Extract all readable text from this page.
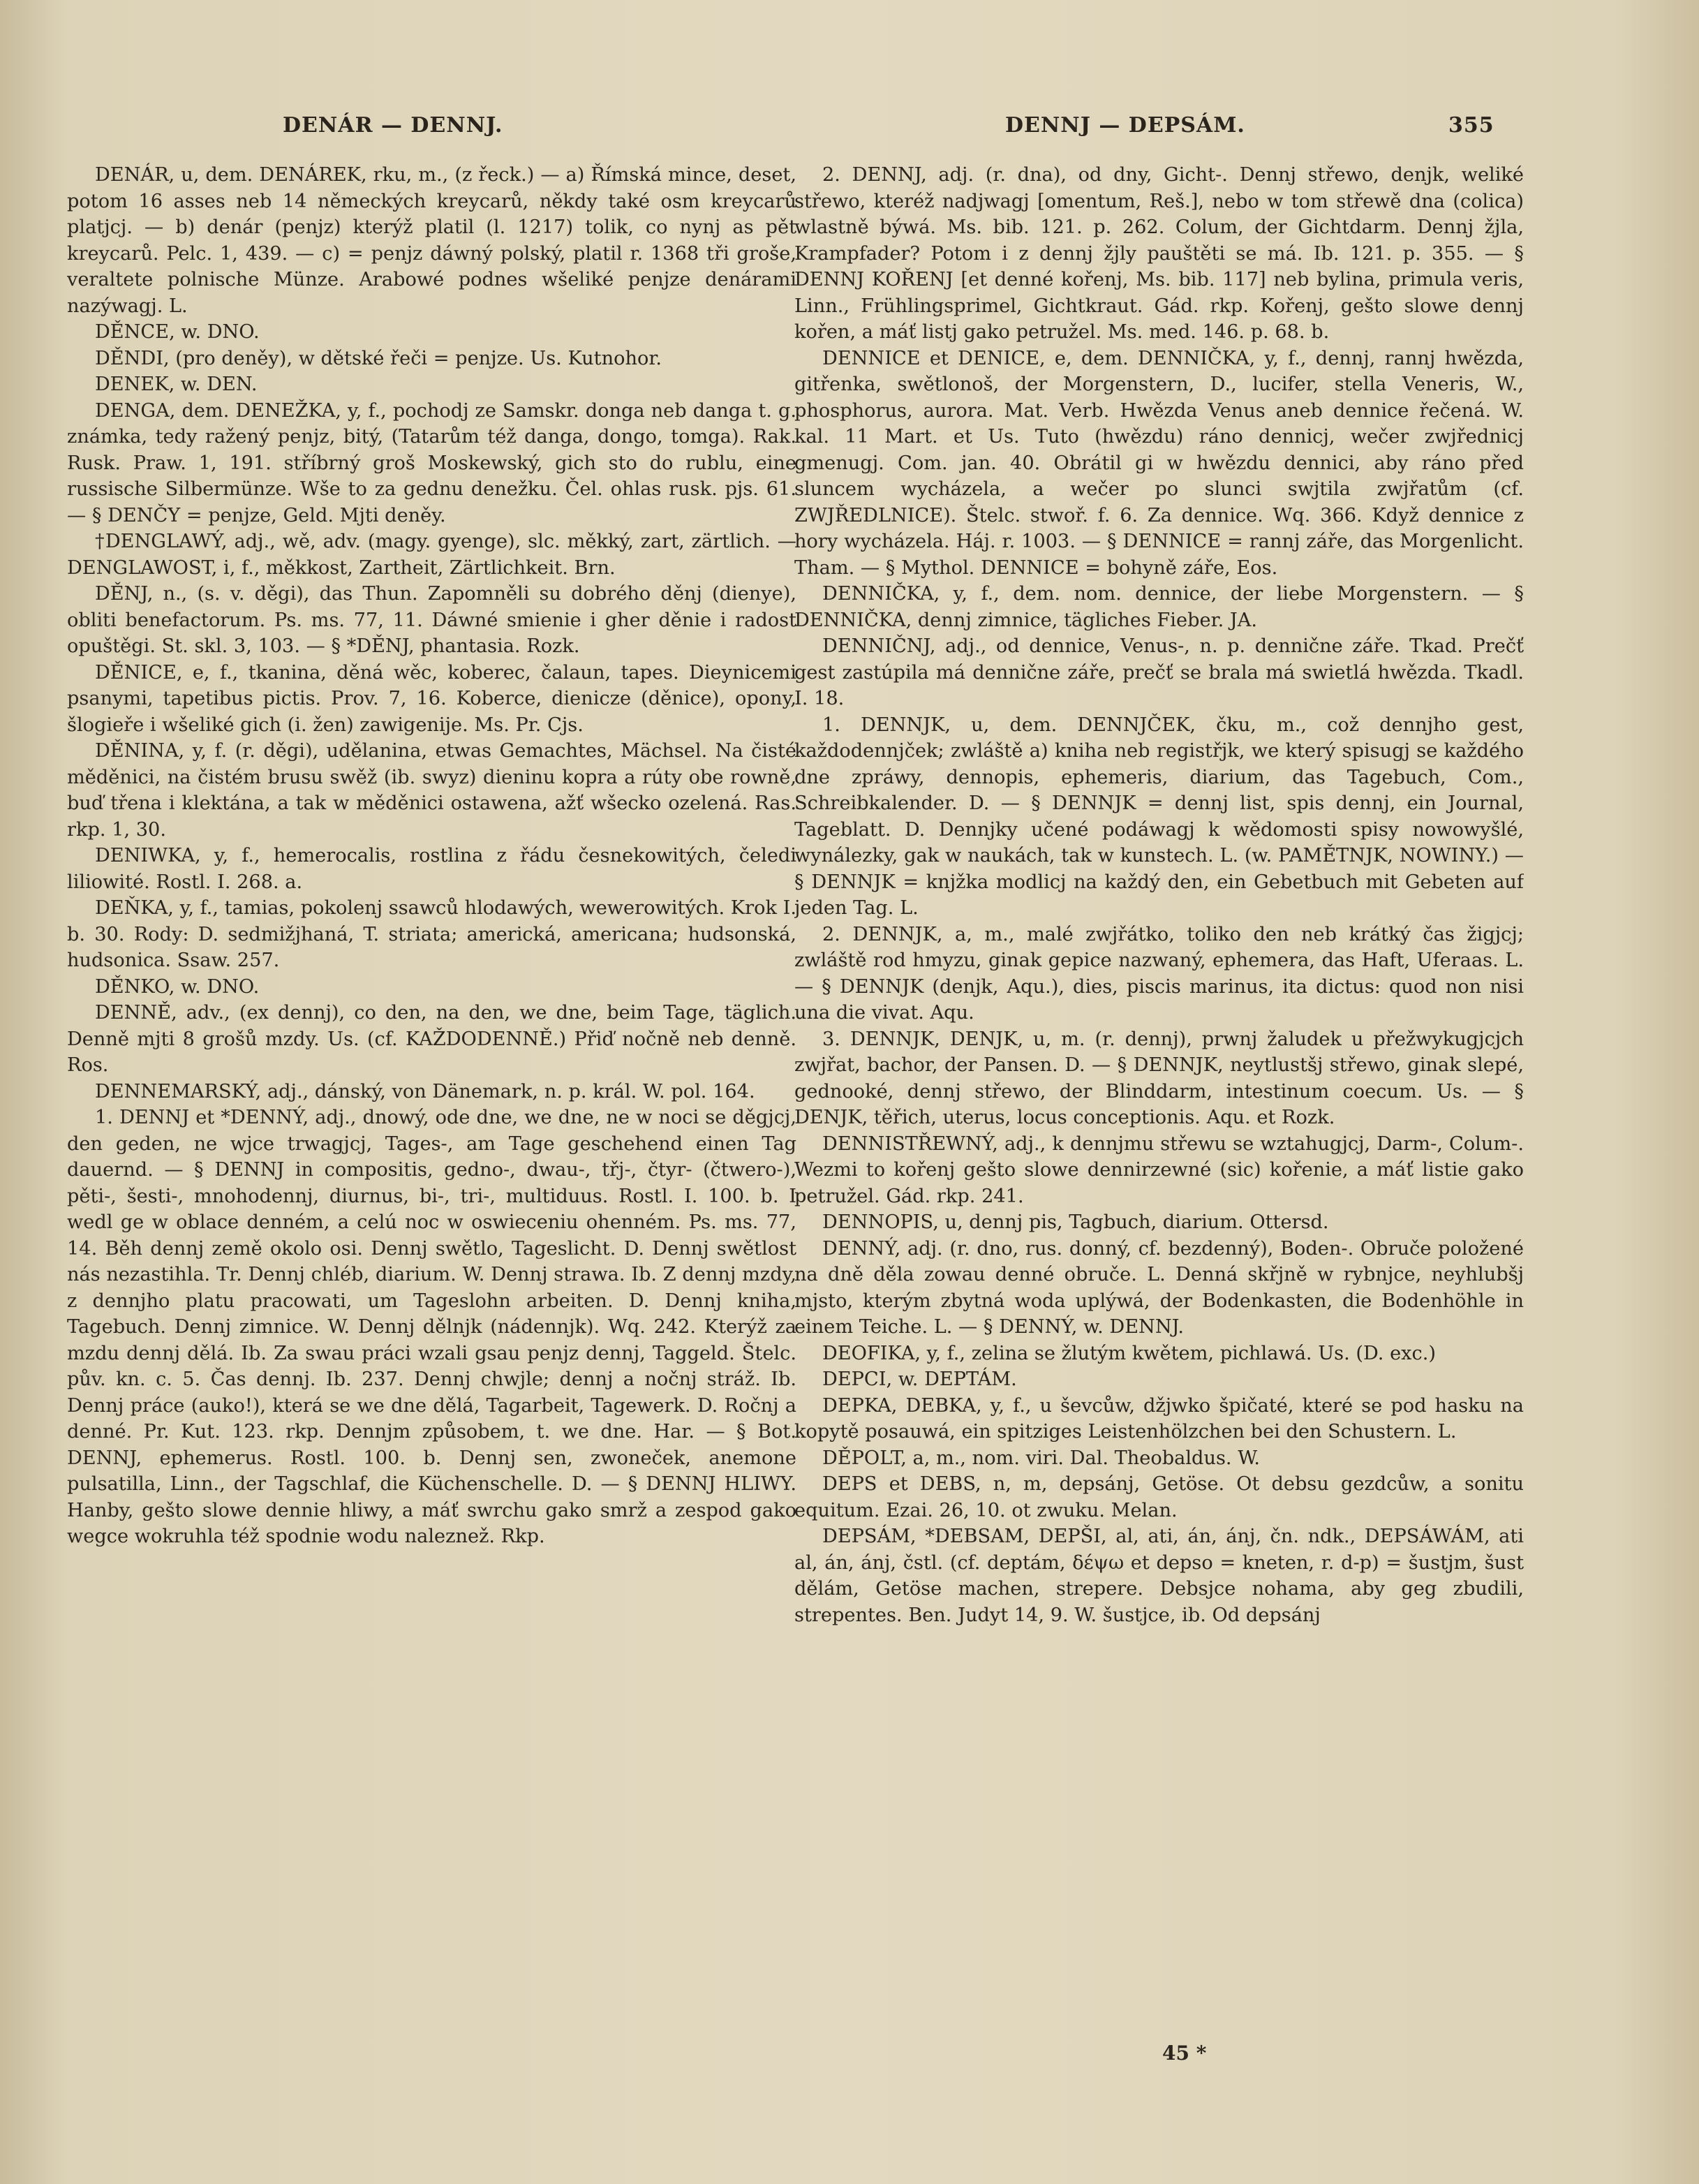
DENÁR — DENNJ.	DENNJ — DEPSÁM.	355

DENÁR, u, dem. DENÁREK, rku, m., (z řeck.) — a) Římská mince, deset, potom 16 asses neb 14 německých kreycarů, někdy také osm kreycarů platjcj. — b) denár (penjz) kterýž platil (l. 1217) tolik, co nynj as pět kreycarů. Pelc. 1, 439. — c) = penjz dáwný polský, platil r. 1368 tři groše, veraltete polnische Münze. Arabowé podnes wšeliké penjze denárami nazýwagj. L.

DĚNCE, w. DNO.

DĚNDI, (pro deněy), w dětské řeči = penjze. Us. Kutnohor.

DENEK, w. DEN.

DENGA, dem. DENEŽKA, y, f., pochodj ze Samskr. donga neb danga t. g. známka, tedy ražený penjz, bitý, (Tatarům též danga, dongo, tomga). Rak. Rusk. Praw. 1, 191. stříbrný groš Moskewský, gich sto do rublu, eine russische Silbermünze. Wše to za gednu denežku. Čel. ohlas rusk. pjs. 61. — § DENČY = penjze, Geld. Mjti deněy.

†DENGLAWÝ, adj., wě, adv. (magy. gyenge), slc. měkký, zart, zärtlich. — DENGLAWOST, i, f., měkkost, Zartheit, Zärtlichkeit. Brn.

DĚNJ, n., (s. v. děgi), das Thun. Zapomněli su dobrého děnj (dienye), obliti benefactorum. Ps. ms. 77, 11. Dáwné smienie i gher děnie i radost opuštěgi. St. skl. 3, 103. — § *DĚNJ, phantasia. Rozk.

DĚNICE, e, f., tkanina, děná wěc, koberec, čalaun, tapes. Dieynicemi psanymi, tapetibus pictis. Prov. 7, 16. Koberce, dienicze (děnice), opony, šlogieře i wšeliké gich (i. žen) zawigenije. Ms. Pr. Cjs.

DĚNINA, y, f. (r. děgi), udělanina, etwas Gemachtes, Mächsel. Na čisté měděnici, na čistém brusu swěž (ib. swyz) dieninu kopra a rúty obe rowně, buď třena i klektána, a tak w měděnici ostawena, ažť wšecko ozelená. Ras. rkp. 1, 30.

DENIWKA, y, f., hemerocalis, rostlina z řádu česnekowitých, čeledi liliowité. Rostl. I. 268. a.

DEŇKA, y, f., tamias, pokolenj ssawců hlodawých, wewerowitých. Krok I. b. 30. Rody: D. sedmižjhaná, T. striata; americká, americana; hudsonská, hudsonica. Ssaw. 257.

DĚNKO, w. DNO.

DENNĚ, adv., (ex dennj), co den, na den, we dne, beim Tage, täglich. Denně mjti 8 grošů mzdy. Us. (cf. KAŽDODENNĚ.) Přiď nočně neb denně. Ros.

DENNEMARSKÝ, adj., dánský, von Dänemark, n. p. král. W. pol. 164.

1. DENNJ et *DENNÝ, adj., dnowý, ode dne, we dne, ne w noci se děgjcj, den geden, ne wjce trwagjcj, Tages-, am Tage geschehend einen Tag dauernd. — § DENNJ in compositis, gedno-, dwau-, třj-, čtyr- (čtwero-), pěti-, šesti-, mnohodennj, diurnus, bi-, tri-, multiduus. Rostl. I. 100. b. I wedl ge w oblace denném, a celú noc w oswieceniu ohenném. Ps. ms. 77, 14. Běh dennj země okolo osi. Dennj swětlo, Tageslicht. D. Dennj swětlost nás nezastihla. Tr. Dennj chléb, diarium. W. Dennj strawa. Ib. Z dennj mzdy, z dennjho platu pracowati, um Tageslohn arbeiten. D. Dennj kniha, Tagebuch. Dennj zimnice. W. Dennj dělnjk (nádennjk). Wq. 242. Kterýž za mzdu dennj dělá. Ib. Za swau práci wzali gsau penjz dennj, Taggeld. Štelc. pův. kn. c. 5. Čas dennj. Ib. 237. Dennj chwjle; dennj a nočnj stráž. Ib. Dennj práce (auko!), která se we dne dělá, Tagarbeit, Tagewerk. D. Ročnj a denné. Pr. Kut. 123. rkp. Dennjm způsobem, t. we dne. Har. — § Bot. DENNJ, ephemerus. Rostl. 100. b. Dennj sen, zwoneček, anemone pulsatilla, Linn., der Tagschlaf, die Küchenschelle. D. — § DENNJ HLIWY. Hanby, gešto slowe dennie hliwy, a máť swrchu gako smrž a zespod gako wegce wokruhla též spodnie wodu naleznež. Rkp.

2. DENNJ, adj. (r. dna), od dny, Gicht-. Dennj střewo, denjk, weliké střewo, kteréž nadjwagj [omentum, Reš.], nebo w tom střewě dna (colica) wlastně býwá. Ms. bib. 121. p. 262. Colum, der Gichtdarm. Dennj žjla, Krampfader? Potom i z dennj žjly pauštěti se má. Ib. 121. p. 355. — § DENNJ KOŘENJ [et denné kořenj, Ms. bib. 117] neb bylina, primula veris, Linn., Frühlingsprimel, Gichtkraut. Gád. rkp. Kořenj, gešto slowe dennj kořen, a máť listj gako petružel. Ms. med. 146. p. 68. b.

DENNICE et DENICE, e, dem. DENNIČKA, y, f., dennj, rannj hwězda, gitřenka, swětlonoš, der Morgenstern, D., lucifer, stella Veneris, W., phosphorus, aurora. Mat. Verb. Hwězda Venus aneb dennice řečená. W. kal. 11 Mart. et Us. Tuto (hwězdu) ráno dennicj, wečer zwjřednicj gmenugj. Com. jan. 40. Obrátil gi w hwězdu dennici, aby ráno před sluncem wycházela, a wečer po slunci swjtila zwjřatům (cf. ZWJŘEDLNICE). Štelc. stwoř. f. 6. Za dennice. Wq. 366. Když dennice z hory wycházela. Háj. r. 1003. — § DENNICE = rannj záře, das Morgenlicht. Tham. — § Mythol. DENNICE = bohyně záře, Eos.

DENNIČKA, y, f., dem. nom. dennice, der liebe Morgenstern. — § DENNIČKA, dennj zimnice, tägliches Fieber. JA.

DENNIČNJ, adj., od dennice, Venus-, n. p. dennične záře. Tkad. Prečť gest zastúpila má dennične záře, prečť se brala má swietlá hwězda. Tkadl. I. 18.

1. DENNJK, u, dem. DENNJČEK, čku, m., což dennjho gest, každodennjček; zwláště a) kniha neb registřjk, we který spisugj se každého dne zpráwy, dennopis, ephemeris, diarium, das Tagebuch, Com., Schreibkalender. D. — § DENNJK = dennj list, spis dennj, ein Journal, Tageblatt. D. Dennjky učené podáwagj k wědomosti spisy nowowyšlé, wynálezky, gak w naukách, tak w kunstech. L. (w. PAMĚTNJK, NOWINY.) — § DENNJK = knjžka modlicj na každý den, ein Gebetbuch mit Gebeten auf jeden Tag. L.

2. DENNJK, a, m., malé zwjřátko, toliko den neb krátký čas žigjcj; zwláště rod hmyzu, ginak gepice nazwaný, ephemera, das Haft, Uferaas. L. — § DENNJK (denjk, Aqu.), dies, piscis marinus, ita dictus: quod non nisi una die vivat. Aqu.

3. DENNJK, DENJK, u, m. (r. dennj), prwnj žaludek u přežwykugjcjch zwjřat, bachor, der Pansen. D. — § DENNJK, neytlustšj střewo, ginak slepé, gednooké, dennj střewo, der Blinddarm, intestinum coecum. Us. — § DENJK, těřich, uterus, locus conceptionis. Aqu. et Rozk.

DENNISTŘEWNÝ, adj., k dennjmu střewu se wztahugjcj, Darm-, Colum-. Wezmi to kořenj gešto slowe dennirzewné (sic) kořenie, a máť listie gako petružel. Gád. rkp. 241.

DENNOPIS, u, dennj pis, Tagbuch, diarium. Ottersd.

DENNÝ, adj. (r. dno, rus. donný, cf. bezdenný), Boden-. Obruče položené na dně děla zowau denné obruče. L. Denná skřjně w rybnjce, neyhlubšj mjsto, kterým zbytná woda uplýwá, der Bodenkasten, die Bodenhöhle in einem Teiche. L. — § DENNÝ, w. DENNJ.

DEOFIKA, y, f., zelina se žlutým kwětem, pichlawá. Us. (D. exc.)

DEPCI, w. DEPTÁM.

DEPKA, DEBKA, y, f., u ševcůw, džjwko špičaté, které se pod hasku na kopytě posauwá, ein spitziges Leistenhölzchen bei den Schustern. L.

DĚPOLT, a, m., nom. viri. Dal. Theobaldus. W.

DEPS et DEBS, n, m, depsánj, Getöse. Ot debsu gezdcůw, a sonitu equitum. Ezai. 26, 10. ot zwuku. Melan.

DEPSÁM, *DEBSAM, DEPŠI, al, ati, án, ánj, čn. ndk., DEPSÁWÁM, ati al, án, ánj, čstl. (cf. deptám, δέψω et depso = kneten, r. d-p) = šustjm, šust dělám, Getöse machen, strepere. Debsjce nohama, aby geg zbudili, strepentes. Ben. Judyt 14, 9. W. šustjce, ib. Od depsánj

45 *
